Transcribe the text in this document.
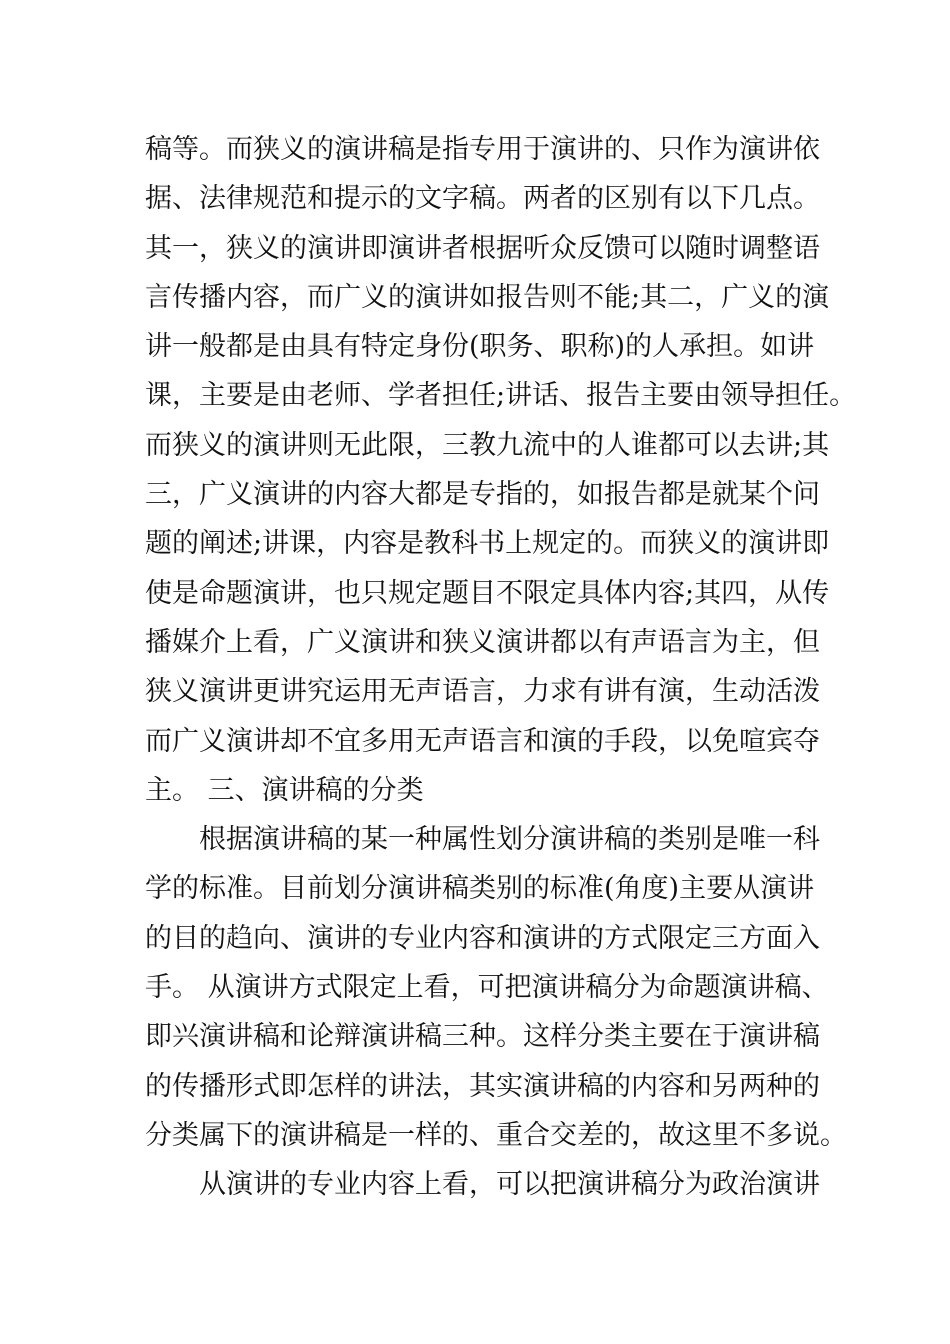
稿等。而狭义的演讲稿是指专用于演讲的、只作为演讲依
据、法律规范和提示的文字稿。两者的区别有以下几点。
其一，狭义的演讲即演讲者根据听众反馈可以随时调整语
言传播内容，而广义的演讲如报告则不能;其二，广义的演
讲一般都是由具有特定身份(职务、职称)的人承担。如讲
课，主要是由老师、学者担任;讲话、报告主要由领导担任。
而狭义的演讲则无此限，三教九流中的人谁都可以去讲;其
三，广义演讲的内容大都是专指的，如报告都是就某个问
题的阐述;讲课，内容是教科书上规定的。而狭义的演讲即
使是命题演讲，也只规定题目不限定具体内容;其四，从传
播媒介上看，广义演讲和狭义演讲都以有声语言为主，但
狭义演讲更讲究运用无声语言，力求有讲有演，生动活泼
而广义演讲却不宜多用无声语言和演的手段，以免喧宾夺
主。 三、演讲稿的分类
根据演讲稿的某一种属性划分演讲稿的类别是唯一科
学的标准。目前划分演讲稿类别的标准(角度)主要从演讲
的目的趋向、演讲的专业内容和演讲的方式限定三方面入
手。 从演讲方式限定上看，可把演讲稿分为命题演讲稿、
即兴演讲稿和论辩演讲稿三种。这样分类主要在于演讲稿
的传播形式即怎样的讲法，其实演讲稿的内容和另两种的
分类属下的演讲稿是一样的、重合交差的，故这里不多说。
从演讲的专业内容上看，可以把演讲稿分为政治演讲
